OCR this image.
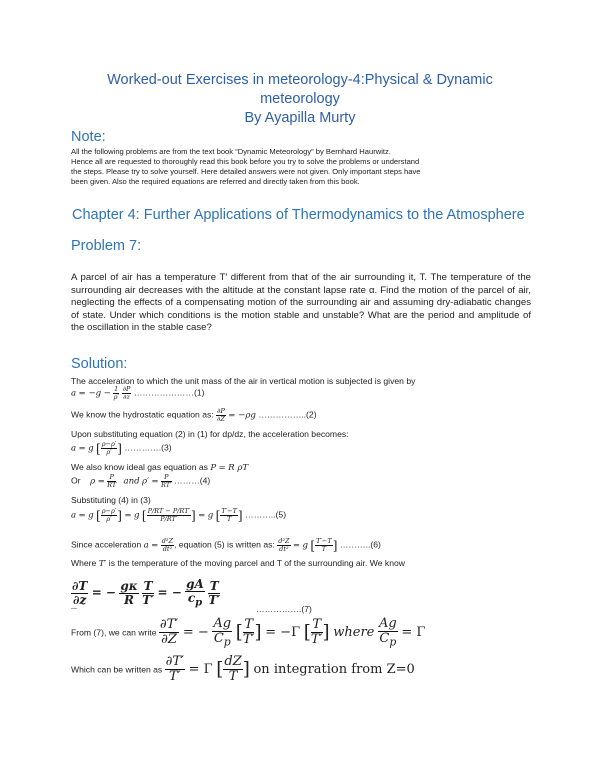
Worked-out Exercises in meteorology-4:Physical & Dynamic
meteorology
By Ayapilla Murty
Note:
All the following problems are from the text book “Dynamic Meteorology” by Bernhard Haurwitz.
Hence all are requested to thoroughly read this book before you try to solve the problems or understand
the steps. Please try to solve yourself. Here detailed answers were not given. Only important steps have
been given. Also the required equations are referred and directly taken from this book.
Chapter 4: Further Applications of Thermodynamics to the Atmosphere
Problem 7:
A parcel of air has a temperature T′ different from that of the air surrounding it, T. The temperature of the surrounding air decreases with the altitude at the constant lapse rate α. Find the motion of the parcel of air, neglecting the effects of a compensating motion of the surrounding air and assuming dry-adiabatic changes of state. Under which conditions is the motion stable and unstable? What are the period and amplitude of the oscillation in the stable case?
Solution:
The acceleration to which the unit mass of the air in vertical motion is subjected is given by
$a = -g - \frac{1}{\rho'}$
$\frac{\partial P}{\partial z}$ …………………(1)
We know the hydrostatic equation as: $\frac{\partial P}{\partial Z} = -\rho g$ ……………..(2)
Upon substituting equation (2) in (1) for dp/dz, the acceleration becomes:
a = g [ $\frac{\rho-\rho'}{\rho'}$ ] ………….(3)
We also know ideal gas equation as P = R ρT
Or $\rho = \frac{P}{RT}$ and $\rho' = \frac{P}{RT'}$ ………(4)
Substituting (4) in (3)
a = g [ $\frac{\rho-\rho'}{\rho'}$ ] = g [ $\frac{P/RT - P/RT'}{P/RT'}$ ] = g [ $\frac{T'-T}{T}$ ] ………..(5)
Since acceleration $a = \frac{\text{d²Z}}{\text{dt²}}$ , equation (5) is written as: $\frac{\text{d²Z}}{\text{dt²}} = g$ [ $\frac{T'-T}{T}$ ] ………..(6)
Where T′ is the temperature of the moving parcel and T of the surrounding air. We know
$\frac{\partial T}{\partial z}$ = − $\frac{g\kappa}{R}$
$\frac{T}{T'}$ = − $\frac{gA}{c_p}$
$\frac{T}{T'}$
…………….(7)
From (7), we can write $\frac{\partial T'}{\partial Z}$ = − $\frac{Ag}{C_p}$ [ $\frac{T}{T'}$ ] = −Γ [ $\frac{T}{T'}$ ] where $\frac{Ag}{C_p} = \Gamma$
Which can be written as $\frac{\partial T'}{T'} = \Gamma$ [ $\frac{dZ}{T}$ ] on integration from Z=0
